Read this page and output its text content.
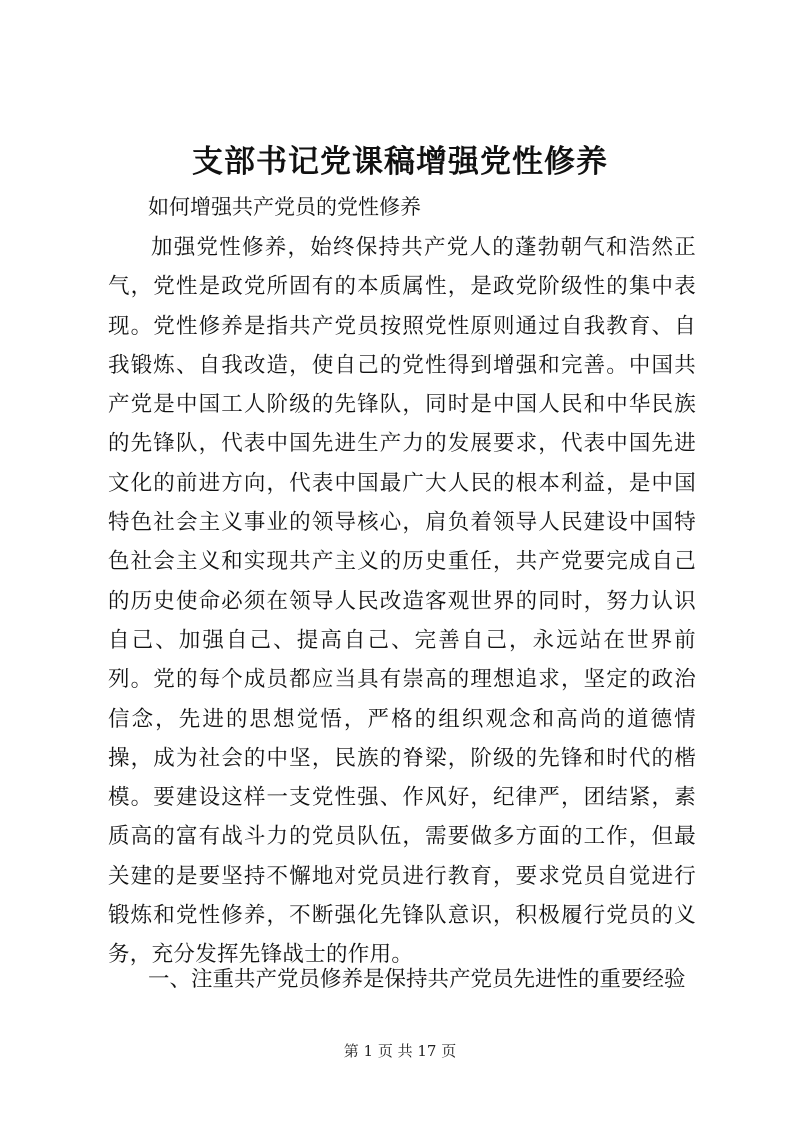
支部书记党课稿增强党性修养

如何增强共产党员的党性修养

加强党性修养，始终保持共产党人的蓬勃朝气和浩然正气，党性是政党所固有的本质属性，是政党阶级性的集中表现。党性修养是指共产党员按照党性原则通过自我教育、自我锻炼、自我改造，使自己的党性得到增强和完善。中国共产党是中国工人阶级的先锋队，同时是中国人民和中华民族的先锋队，代表中国先进生产力的发展要求，代表中国先进文化的前进方向，代表中国最广大人民的根本利益，是中国特色社会主义事业的领导核心，肩负着领导人民建设中国特色社会主义和实现共产主义的历史重任，共产党要完成自己的历史使命必须在领导人民改造客观世界的同时，努力认识自己、加强自己、提高自己、完善自己，永远站在世界前列。党的每个成员都应当具有崇高的理想追求，坚定的政治信念，先进的思想觉悟，严格的组织观念和高尚的道德情操，成为社会的中坚，民族的脊梁，阶级的先锋和时代的楷模。要建设这样一支党性强、作风好，纪律严，团结紧，素质高的富有战斗力的党员队伍，需要做多方面的工作，但最关建的是要坚持不懈地对党员进行教育，要求党员自觉进行锻炼和党性修养，不断强化先锋队意识，积极履行党员的义务，充分发挥先锋战士的作用。

一、注重共产党员修养是保持共产党员先进性的重要经验

第 1 页 共 17 页
